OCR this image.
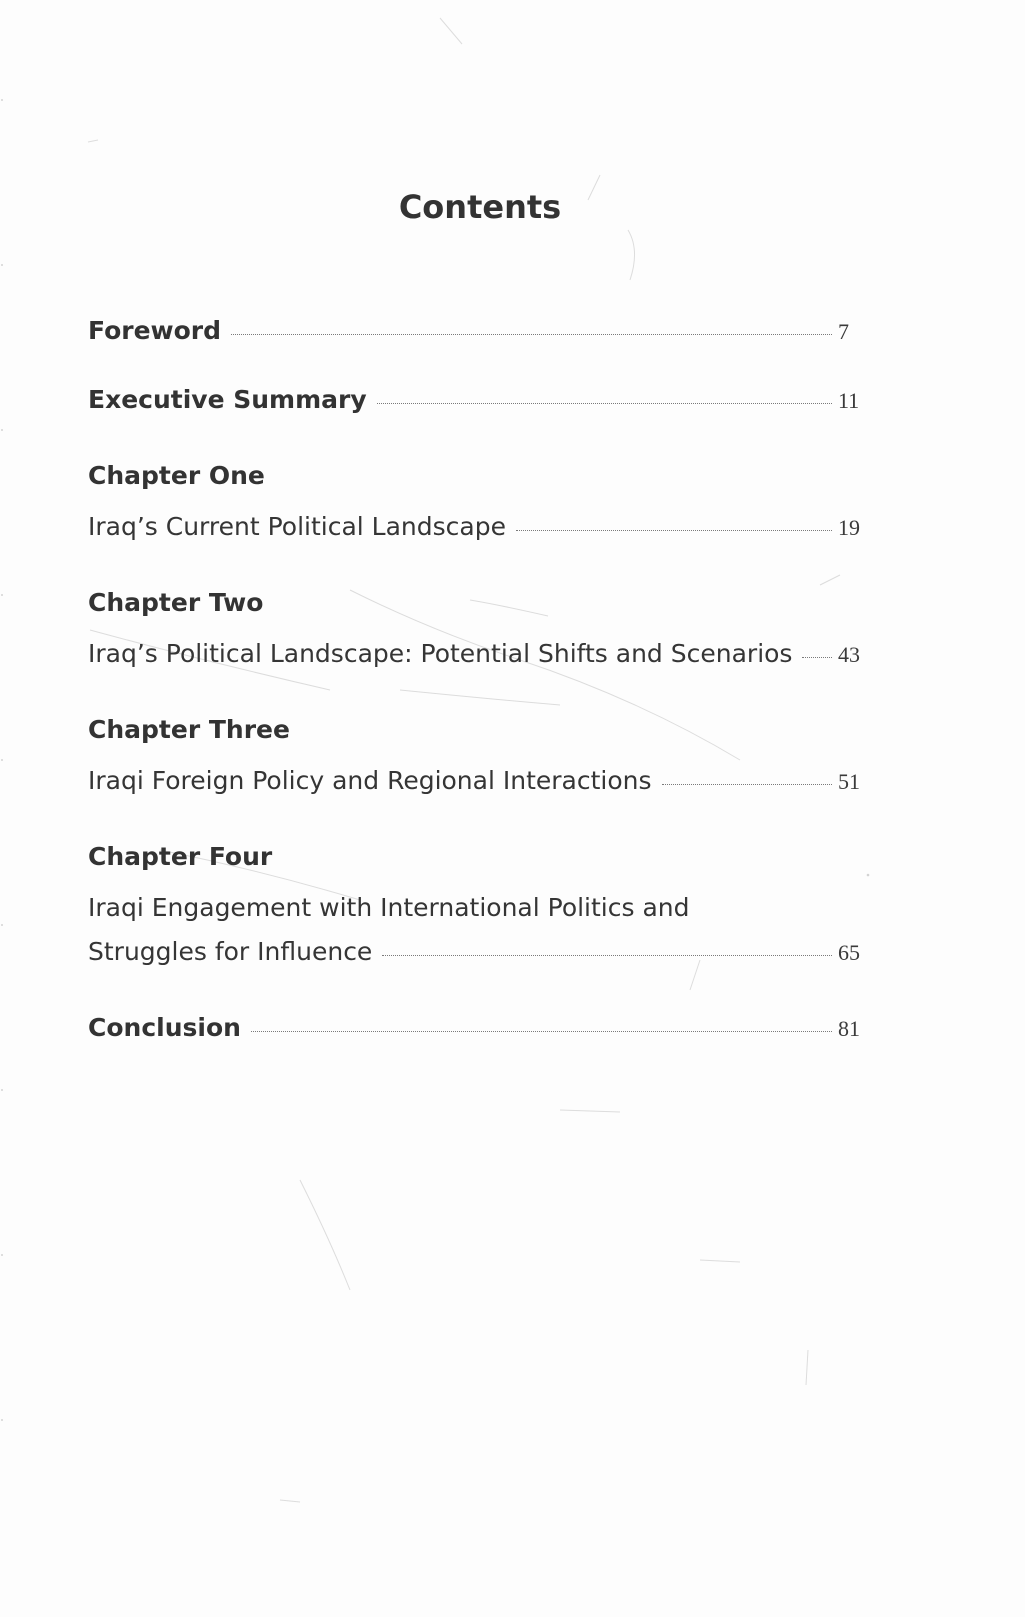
Contents
Foreword	7
Executive Summary	11
Chapter One
Iraq’s Current Political Landscape	19
Chapter Two
Iraq’s Political Landscape: Potential Shifts and Scenarios 43
Chapter Three
Iraqi Foreign Policy and Regional Interactions	51
Chapter Four
Iraqi Engagement with International Politics and
Struggles for Influence	65
Conclusion	81
